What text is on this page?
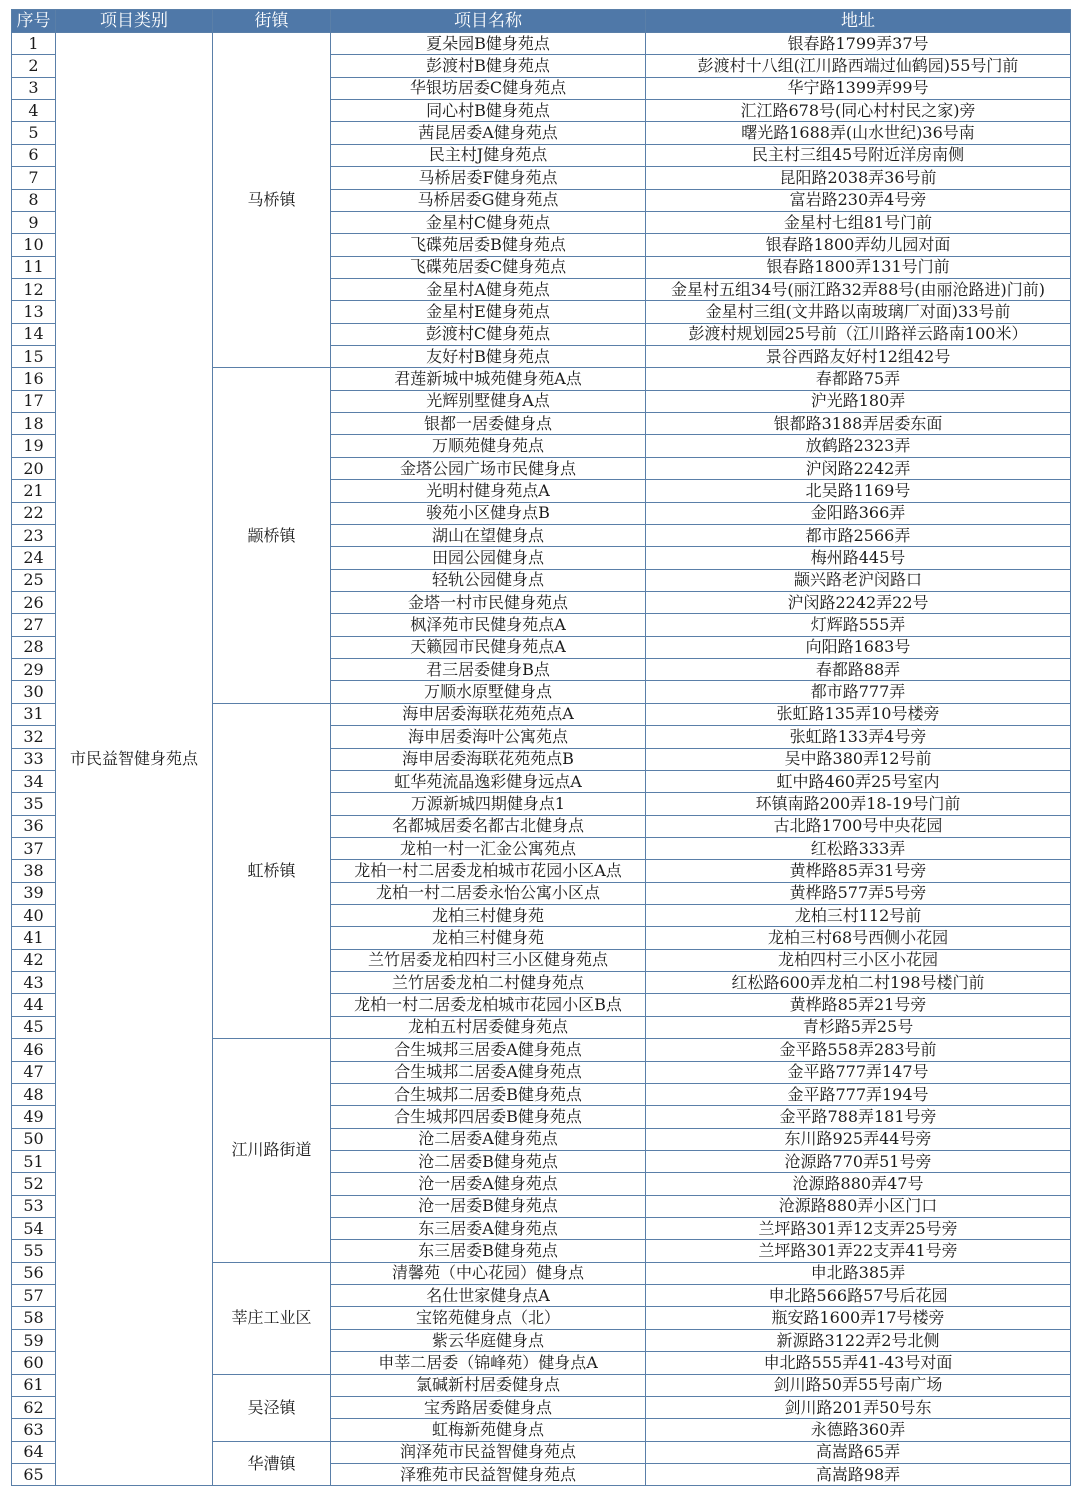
序号	项目类别	街镇	项目名称	地址
1	市民益智健身苑点	马桥镇	夏朵园B健身苑点	银春路1799弄37号
2			彭渡村B健身苑点	彭渡村十八组(江川路西端过仙鹤园)55号门前
3			华银坊居委C健身苑点	华宁路1399弄99号
4			同心村B健身苑点	汇江路678号(同心村村民之家)旁
5			茜昆居委A健身苑点	曙光路1688弄(山水世纪)36号南
6			民主村J健身苑点	民主村三组45号附近洋房南侧
7			马桥居委F健身苑点	昆阳路2038弄36号前
8			马桥居委G健身苑点	富岩路230弄4号旁
9			金星村C健身苑点	金星村七组81号门前
10			飞碟苑居委B健身苑点	银春路1800弄幼儿园对面
11			飞碟苑居委C健身苑点	银春路1800弄131号门前
12			金星村A健身苑点	金星村五组34号(丽江路32弄88号(由丽沧路进)门前)
13			金星村E健身苑点	金星村三组(文井路以南玻璃厂对面)33号前
14			彭渡村C健身苑点	彭渡村规划园25号前（江川路祥云路南100米）
15			友好村B健身苑点	景谷西路友好村12组42号
16		颛桥镇	君莲新城中城苑健身苑A点	春都路75弄
17			光辉别墅健身A点	沪光路180弄
18			银都一居委健身点	银都路3188弄居委东面
19			万顺苑健身苑点	放鹤路2323弄
20			金塔公园广场市民健身点	沪闵路2242弄
21			光明村健身苑点A	北吴路1169号
22			骏苑小区健身点B	金阳路366弄
23			湖山在望健身点	都市路2566弄
24			田园公园健身点	梅州路445号
25			轻轨公园健身点	颛兴路老沪闵路口
26			金塔一村市民健身苑点	沪闵路2242弄22号
27			枫泽苑市民健身苑点A	灯辉路555弄
28			天籁园市民健身苑点A	向阳路1683号
29			君三居委健身B点	春都路88弄
30			万顺水原墅健身点	都市路777弄
31		虹桥镇	海申居委海联花苑苑点A	张虹路135弄10号楼旁
32			海申居委海叶公寓苑点	张虹路133弄4号旁
33			海申居委海联花苑苑点B	吴中路380弄12号前
34			虹华苑流晶逸彩健身远点A	虹中路460弄25号室内
35			万源新城四期健身点1	环镇南路200弄18-19号门前
36			名都城居委名都古北健身点	古北路1700号中央花园
37			龙柏一村一汇金公寓苑点	红松路333弄
38			龙柏一村二居委龙柏城市花园小区A点	黄桦路85弄31号旁
39			龙柏一村二居委永怡公寓小区点	黄桦路577弄5号旁
40			龙柏三村健身苑	龙柏三村112号前
41			龙柏三村健身苑	龙柏三村68号西侧小花园
42			兰竹居委龙柏四村三小区健身苑点	龙柏四村三小区小花园
43			兰竹居委龙柏二村健身苑点	红松路600弄龙柏二村198号楼门前
44			龙柏一村二居委龙柏城市花园小区B点	黄桦路85弄21号旁
45			龙柏五村居委健身苑点	青杉路5弄25号
46		江川路街道	合生城邦三居委A健身苑点	金平路558弄283号前
47			合生城邦二居委A健身苑点	金平路777弄147号
48			合生城邦二居委B健身苑点	金平路777弄194号
49			合生城邦四居委B健身苑点	金平路788弄181号旁
50			沧二居委A健身苑点	东川路925弄44号旁
51			沧二居委B健身苑点	沧源路770弄51号旁
52			沧一居委A健身苑点	沧源路880弄47号
53			沧一居委B健身苑点	沧源路880弄小区门口
54			东三居委A健身苑点	兰坪路301弄12支弄25号旁
55			东三居委B健身苑点	兰坪路301弄22支弄41号旁
56		莘庄工业区	清馨苑（中心花园）健身点	申北路385弄
57			名仕世家健身点A	申北路566路57号后花园
58			宝铭苑健身点（北）	瓶安路1600弄17号楼旁
59			紫云华庭健身点	新源路3122弄2号北侧
60			申莘二居委（锦峰苑）健身点A	申北路555弄41-43号对面
61		吴泾镇	氯碱新村居委健身点	剑川路50弄55号南广场
62			宝秀路居委健身点	剑川路201弄50号东
63			虹梅新苑健身点	永德路360弄
64		华漕镇	润泽苑市民益智健身苑点	高嵩路65弄
65			泽雅苑市民益智健身苑点	高嵩路98弄
